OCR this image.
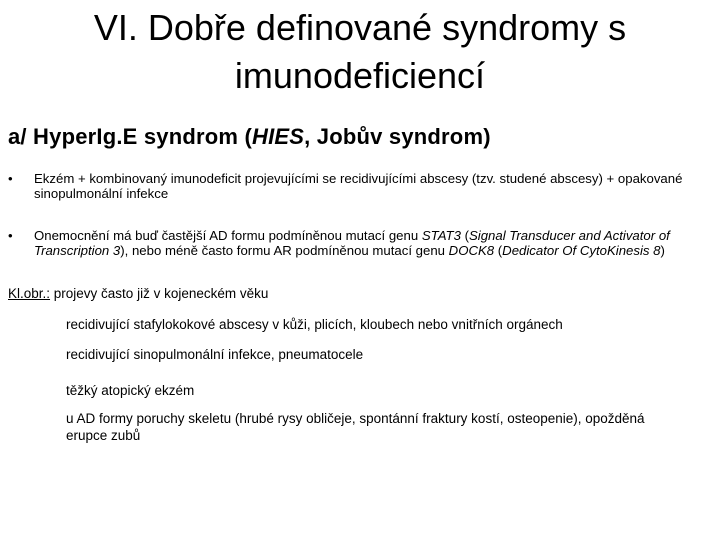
VI. Dobře definované syndromy s
imunodeficiencí
a/ HyperIg.E syndrom (HIES, Jobův syndrom)
•	Ekzém + kombinovaný imunodeficit projevujícími se recidivujícími abscesy (tzv. studené abscesy) + opakované sinopulmonální infekce
•	Onemocnění má buď častější AD formu podmíněnou mutací genu STAT3 (Signal Transducer and Activator of Transcription 3), nebo méně často formu AR podmíněnou mutací genu DOCK8 (Dedicator Of CytoKinesis 8)
Kl.obr.: projevy často již v kojeneckém věku
recidivující stafylokokové abscesy v kůži, plicích, kloubech nebo vnitřních orgánech
recidivující sinopulmonální infekce, pneumatocele
těžký atopický ekzém
u AD formy poruchy skeletu (hrubé rysy obličeje, spontánní fraktury kostí, osteopenie), opožděná erupce zubů
